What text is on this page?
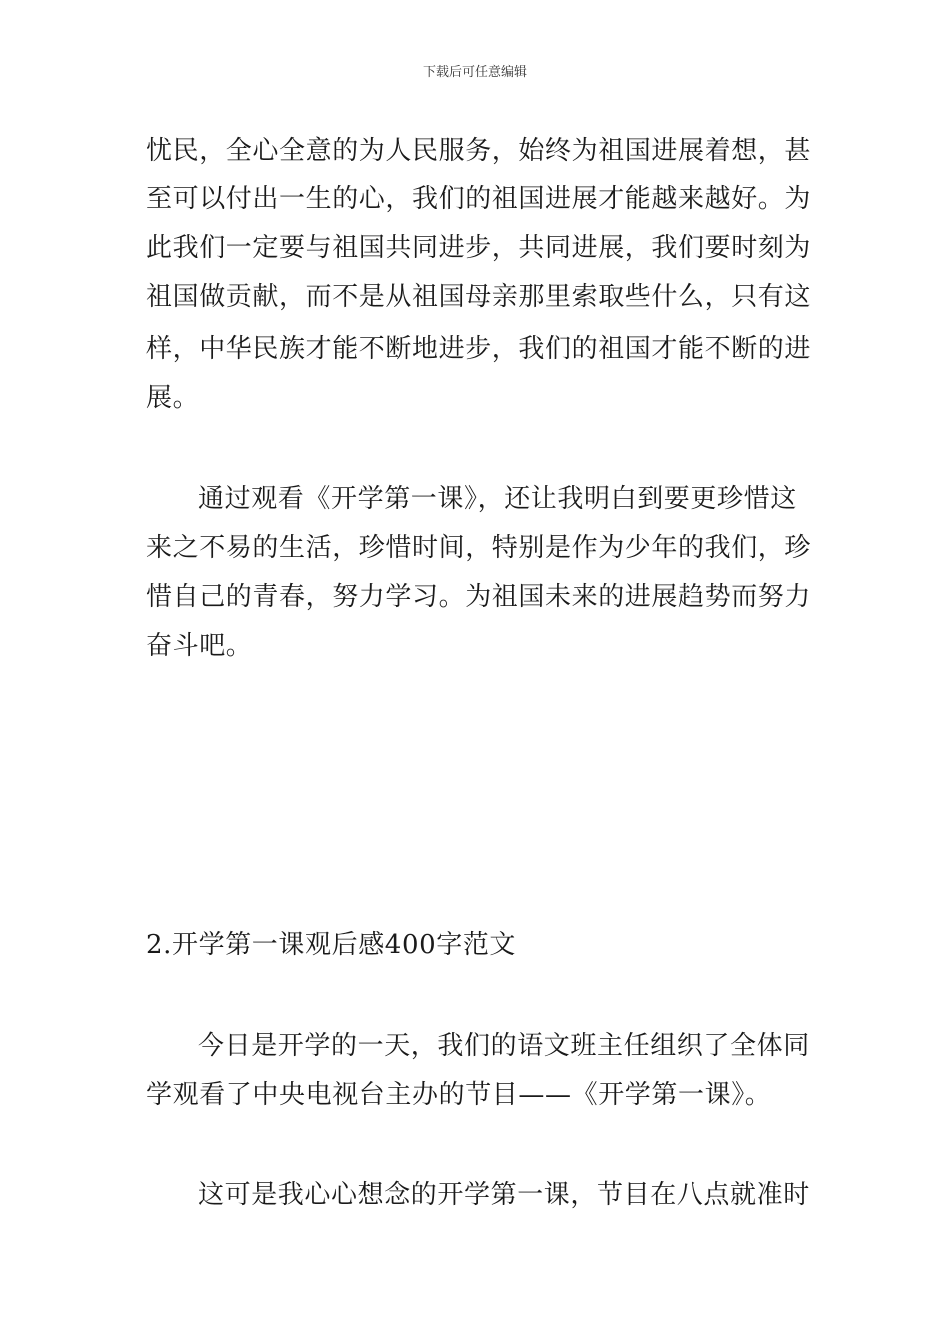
下载后可任意编辑
忧民，全心全意的为人民服务，始终为祖国进展着想，甚
至可以付出一生的心，我们的祖国进展才能越来越好。为
此我们一定要与祖国共同进步，共同进展，我们要时刻为
祖国做贡献，而不是从祖国母亲那里索取些什么，只有这
样，中华民族才能不断地进步，我们的祖国才能不断的进
展。
通过观看《开学第一课》，还让我明白到要更珍惜这
来之不易的生活，珍惜时间，特别是作为少年的我们，珍
惜自己的青春，努力学习。为祖国未来的进展趋势而努力
奋斗吧。
2.开学第一课观后感400字范文
今日是开学的一天，我们的语文班主任组织了全体同
学观看了中央电视台主办的节目——《开学第一课》。
这可是我心心想念的开学第一课，节目在八点就准时
